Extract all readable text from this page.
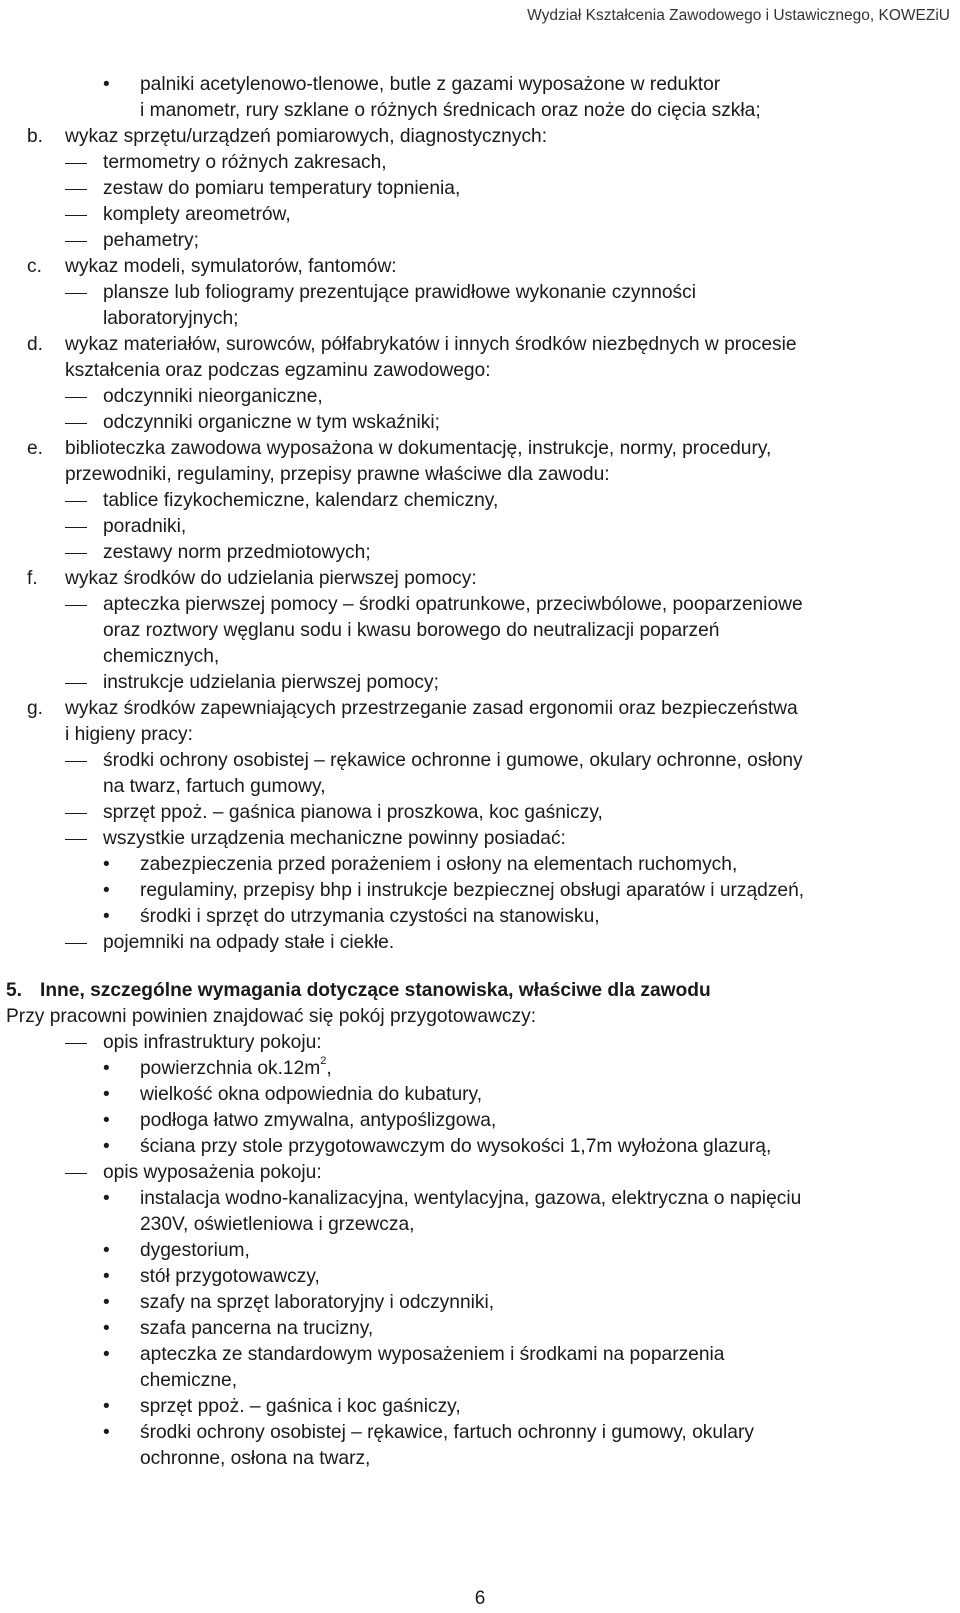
Wydział Kształcenia Zawodowego i Ustawicznego, KOWEZiU
• palniki acetylenowo-tlenowe, butle z gazami wyposażone w reduktor
i manometr, rury szklane o różnych średnicach oraz noże do cięcia szkła;
b. wykaz sprzętu/urządzeń pomiarowych, diagnostycznych:
termometry o różnych zakresach,
zestaw do pomiaru temperatury topnienia,
komplety areometrów,
pehametry;
c. wykaz modeli, symulatorów, fantomów:
plansze lub foliogramy prezentujące prawidłowe wykonanie czynności
laboratoryjnych;
d. wykaz materiałów, surowców, półfabrykatów i innych środków niezbędnych w procesie
kształcenia oraz podczas egzaminu zawodowego:
odczynniki nieorganiczne,
odczynniki organiczne w tym wskaźniki;
e. biblioteczka zawodowa wyposażona w dokumentację, instrukcje, normy, procedury,
przewodniki, regulaminy, przepisy prawne właściwe dla zawodu:
tablice fizykochemiczne, kalendarz chemiczny,
poradniki,
zestawy norm przedmiotowych;
f. wykaz środków do udzielania pierwszej pomocy:
apteczka pierwszej pomocy – środki opatrunkowe, przeciwbólowe, pooparzeniowe
oraz roztwory węglanu sodu i kwasu borowego do neutralizacji poparzeń
chemicznych,
instrukcje udzielania pierwszej pomocy;
g. wykaz środków zapewniających przestrzeganie zasad ergonomii oraz bezpieczeństwa
i higieny pracy:
środki ochrony osobistej – rękawice ochronne i gumowe, okulary ochronne, osłony
na twarz, fartuch gumowy,
sprzęt ppoż. – gaśnica pianowa i proszkowa, koc gaśniczy,
wszystkie urządzenia mechaniczne powinny posiadać:
• zabezpieczenia przed porażeniem i osłony na elementach ruchomych,
• regulaminy, przepisy bhp i instrukcje bezpiecznej obsługi aparatów i urządzeń,
• środki i sprzęt do utrzymania czystości na stanowisku,
pojemniki na odpady stałe i ciekłe.
5. Inne, szczególne wymagania dotyczące stanowiska, właściwe dla zawodu
Przy pracowni powinien znajdować się pokój przygotowawczy:
opis infrastruktury pokoju:
• powierzchnia $ok.12m^2$,
• wielkość okna odpowiednia do kubatury,
• podłoga łatwo zmywalna, antypoślizgowa,
• ściana przy stole przygotowawczym do wysokości 1,7m wyłożona glazurą,
opis wyposażenia pokoju:
• instalacja wodno-kanalizacyjna, wentylacyjna, gazowa, elektryczna o napięciu
230V, oświetleniowa i grzewcza,
• dygestorium,
• stół przygotowawczy,
• szafy na sprzęt laboratoryjny i odczynniki,
• szafa pancerna na trucizny,
• apteczka ze standardowym wyposażeniem i środkami na poparzenia
chemiczne,
• sprzęt ppoż. – gaśnica i koc gaśniczy,
• środki ochrony osobistej – rękawice, fartuch ochronny i gumowy, okulary
ochronne, osłona na twarz,
6
